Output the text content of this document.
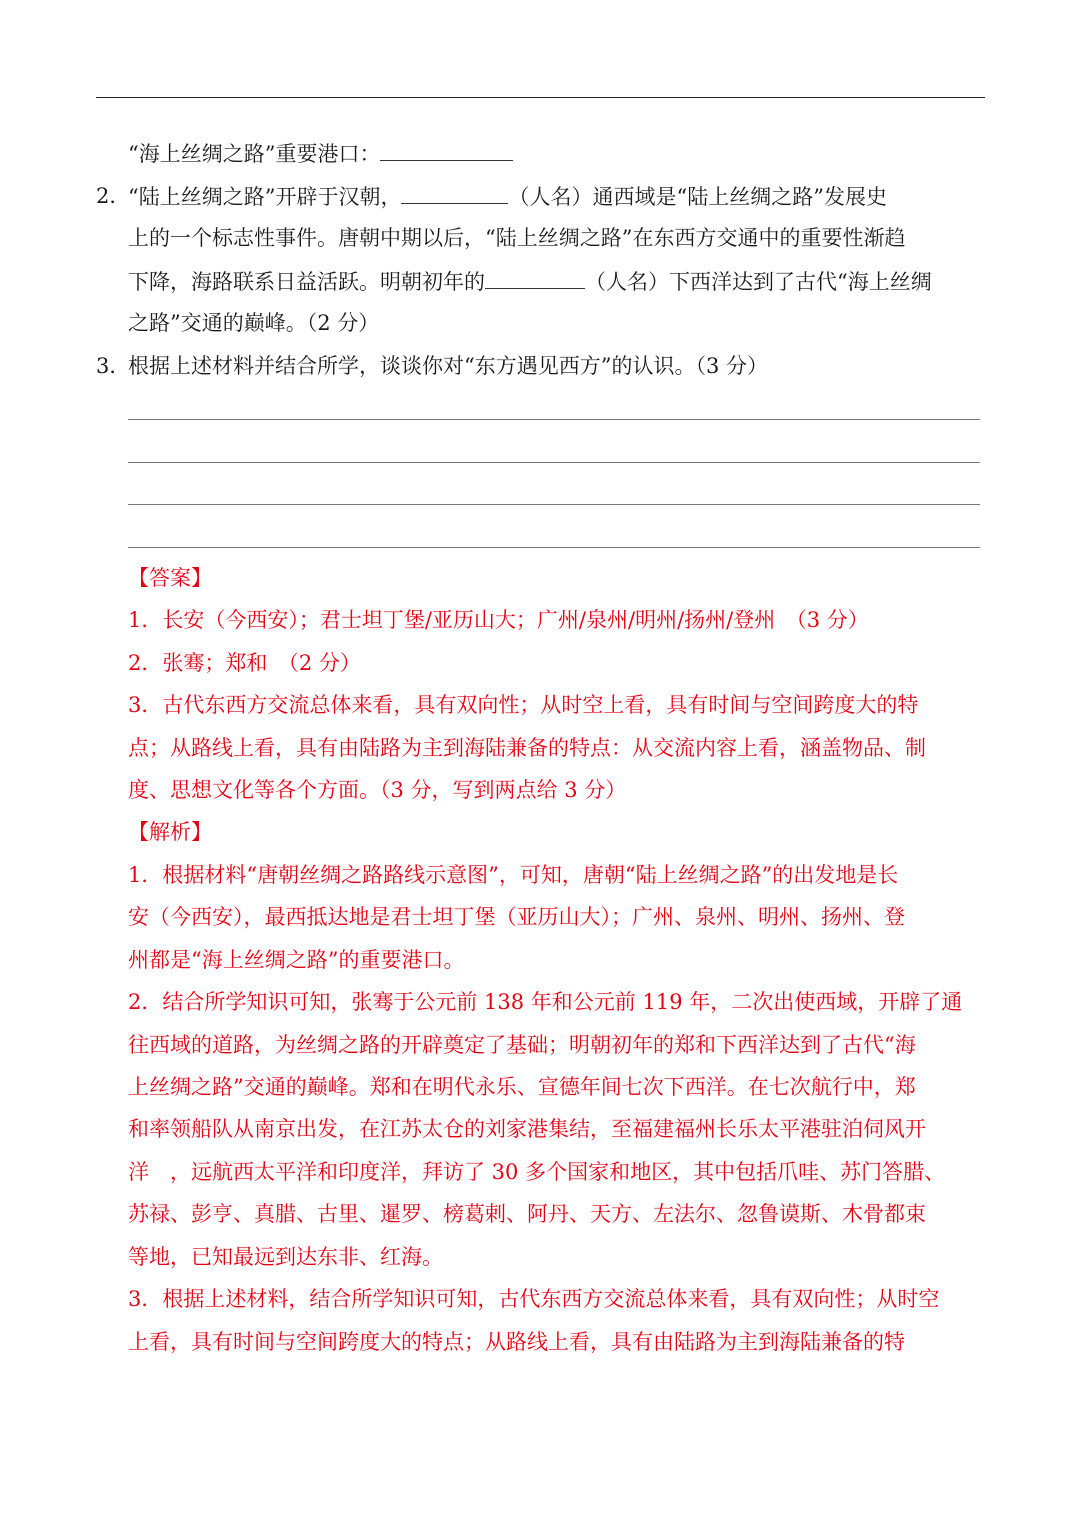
“海上丝绸之路”重要港口：
2．
“陆上丝绸之路”开辟于汉朝，	（人名）通西域是“陆上丝绸之路”发展史
上的一个标志性事件。唐朝中期以后，“陆上丝绸之路”在东西方交通中的重要性渐趋
下降，海路联系日益活跃。明朝初年的	（人名）下西洋达到了古代“海上丝绸
之路”交通的巅峰。（2 分）
3．
根据上述材料并结合所学，谈谈你对“东方遇见西方”的认识。（3 分）
【答案】
1．长安（今西安）；君士坦丁堡/亚历山大；广州/泉州/明州/扬州/登州　（3 分）
2．张骞；郑和　（2 分）
3．古代东西方交流总体来看，具有双向性；从时空上看，具有时间与空间跨度大的特
点；从路线上看，具有由陆路为主到海陆兼备的特点：从交流内容上看，涵盖物品、制
度、思想文化等各个方面。（3 分，写到两点给 3 分）
【解析】
1．根据材料“唐朝丝绸之路路线示意图”，可知，唐朝“陆上丝绸之路”的出发地是长
安（今西安），最西抵达地是君士坦丁堡（亚历山大）；广州、泉州、明州、扬州、登
州都是“海上丝绸之路”的重要港口。
2．结合所学知识可知，张骞于公元前 138 年和公元前 119 年，二次出使西域，开辟了通
往西域的道路，为丝绸之路的开辟奠定了基础；明朝初年的郑和下西洋达到了古代“海
上丝绸之路”交通的巅峰。郑和在明代永乐、宣德年间七次下西洋。在七次航行中，郑
和率领船队从南京出发，在江苏太仓的刘家港集结，至福建福州长乐太平港驻泊伺风开
洋　，远航西太平洋和印度洋，拜访了 30 多个国家和地区，其中包括爪哇、苏门答腊、
苏禄、彭亨、真腊、古里、暹罗、榜葛剌、阿丹、天方、左法尔、忽鲁谟斯、木骨都束
等地，已知最远到达东非、红海。
3．根据上述材料，结合所学知识可知，古代东西方交流总体来看，具有双向性；从时空
上看，具有时间与空间跨度大的特点；从路线上看，具有由陆路为主到海陆兼备的特
